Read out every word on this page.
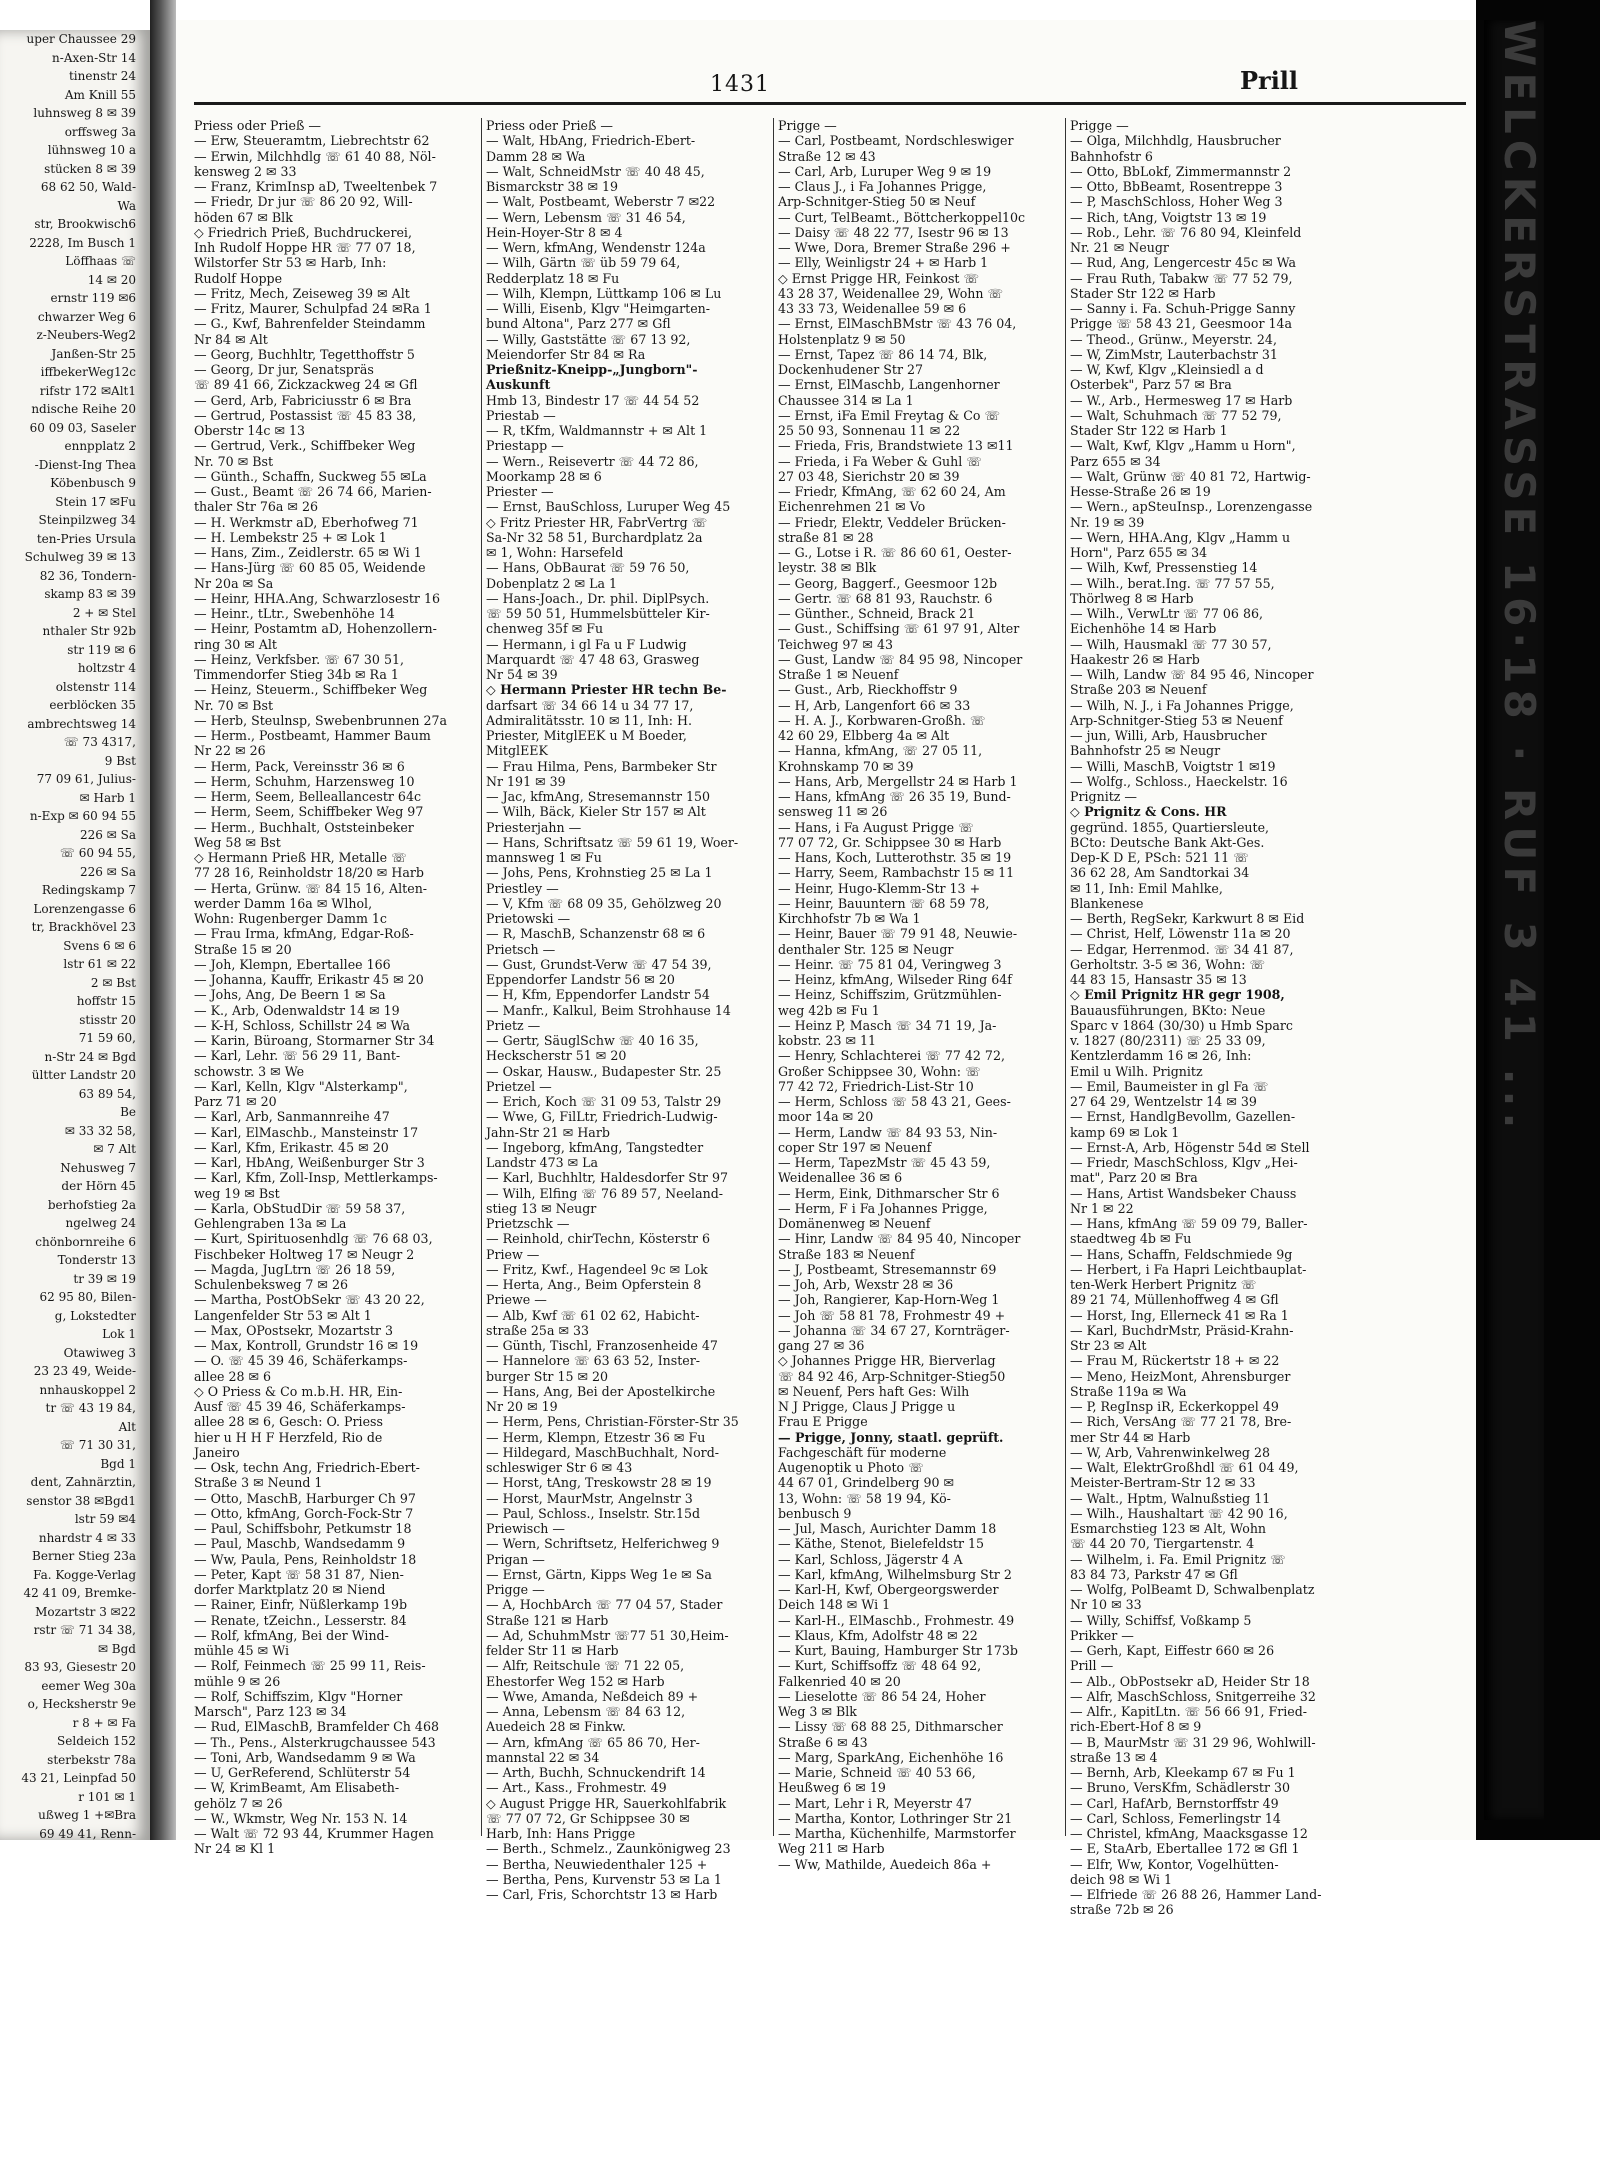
uper Chaussee 29
n-Axen-Str 14
tinenstr 24
Am Knill 55
luhnsweg 8 ✉ 39
orffsweg 3a
lühnsweg 10 a
stücken 8 ✉ 39
68 62 50, Wald-
Wa
str, Brookwisch6
2228, Im Busch 1
Löffhaas ☏
14 ✉ 20
ernstr 119 ✉6
chwarzer Weg 6
z-Neubers-Weg2
Janßen-Str 25
iffbekerWeg12c
rifstr 172 ✉Alt1
ndische Reihe 20
60 09 03, Saseler
ennpplatz 2
-Dienst-Ing Thea
Köbenbusch 9
Stein 17 ✉Fu
Steinpilzweg 34
ten-Pries Ursula
Schulweg 39 ✉ 13
82 36, Tondern-
skamp 83 ✉ 39
2 + ✉ Stel
nthaler Str 92b
str 119 ✉ 6
holtzstr 4
olstenstr 114
eerblöcken 35
ambrechtsweg 14
☏ 73 4317,
9 Bst
77 09 61, Julius-
✉ Harb 1
n-Exp ✉ 60 94 55
226 ✉ Sa
☏ 60 94 55,
226 ✉ Sa
Redingskamp 7
Lorenzengasse 6
tr, Brackhövel 23
Svens 6 ✉ 6
lstr 61 ✉ 22
2 ✉ Bst
hoffstr 15
stisstr 20
71 59 60,
n-Str 24 ✉ Bgd
ültter Landstr 20
63 89 54,
Be
✉ 33 32 58,
✉ 7 Alt
Nehusweg 7
der Hörn 45
berhofstieg 2a
ngelweg 24
chönbornreihe 6
Tonderstr 13
tr 39 ✉ 19
62 95 80, Bilen-
g, Lokstedter
Lok 1
Otawiweg 3
23 23 49, Weide-
nnhauskoppel 2
tr ☏ 43 19 84,
Alt
☏ 71 30 31,
Bgd 1
dent, Zahnärztin,
senstor 38 ✉Bgd1
lstr 59 ✉4
nhardstr 4 ✉ 33
Berner Stieg 23a
Fa. Kogge-Verlag
42 41 09, Bremke-
Mozartstr 3 ✉22
rstr ☏ 71 34 38,
✉ Bgd
83 93, Giesestr 20
eemer Weg 30a
o, Hecksherstr 9e
r 8 + ✉ Fa
Seldeich 152
sterbekstr 78a
43 21, Leinpfad 50
r 101 ✉ 1
ußweg 1 +✉Bra
69 49 41, Renn-
WELCKERSTRASSE 16·18 · RUF 3 41 ...
1431	Prill
Priess oder Prieß —
— Erw, Steueramtm, Liebrechtstr 62
— Erwin, Milchhdlg ☏ 61 40 88, Nöl-
kensweg 2 ✉ 33
— Franz, KrimInsp aD, Tweeltenbek 7
— Friedr, Dr jur ☏ 86 20 92, Will-
höden 67 ✉ Blk
◇ Friedrich Prieß, Buchdruckerei,
Inh Rudolf Hoppe HR ☏ 77 07 18,
Wilstorfer Str 53 ✉ Harb, Inh:
Rudolf Hoppe
— Fritz, Mech, Zeiseweg 39 ✉ Alt
— Fritz, Maurer, Schulpfad 24 ✉Ra 1
— G., Kwf, Bahrenfelder Steindamm
Nr 84 ✉ Alt
— Georg, Buchhltr, Tegetthoffstr 5
— Georg, Dr jur, Senatspräs
☏ 89 41 66, Zickzackweg 24 ✉ Gfl
— Gerd, Arb, Fabriciusstr 6 ✉ Bra
— Gertrud, Postassist ☏ 45 83 38,
Oberstr 14c ✉ 13
— Gertrud, Verk., Schiffbeker Weg
Nr. 70 ✉ Bst
— Günth., Schaffn, Suckweg 55 ✉La
— Gust., Beamt ☏ 26 74 66, Marien-
thaler Str 76a ✉ 26
— H. Werkmstr aD, Eberhofweg 71
— H. Lembekstr 25 + ✉ Lok 1
— Hans, Zim., Zeidlerstr. 65 ✉ Wi 1
— Hans-Jürg ☏ 60 85 05, Weidende
Nr 20a ✉ Sa
— Heinr, HHA.Ang, Schwarzlosestr 16
— Heinr., tLtr., Swebenhöhe 14
— Heinr, Postamtm aD, Hohenzollern-
ring 30 ✉ Alt
— Heinz, Verkfsber. ☏ 67 30 51,
Timmendorfer Stieg 34b ✉ Ra 1
— Heinz, Steuerm., Schiffbeker Weg
Nr. 70 ✉ Bst
— Herb, Steulnsp, Swebenbrunnen 27a
— Herm., Postbeamt, Hammer Baum
Nr 22 ✉ 26
— Herm, Pack, Vereinsstr 36 ✉ 6
— Herm, Schuhm, Harzensweg 10
— Herm, Seem, Belleallancestr 64c
— Herm, Seem, Schiffbeker Weg 97
— Herm., Buchhalt, Oststeinbeker
Weg 58 ✉ Bst
◇ Hermann Prieß HR, Metalle ☏
77 28 16, Reinholdstr 18/20 ✉ Harb
— Herta, Grünw. ☏ 84 15 16, Alten-
werder Damm 16a ✉ Wlhol,
Wohn: Rugenberger Damm 1c
— Frau Irma, kfmAng, Edgar-Roß-
Straße 15 ✉ 20
— Joh, Klempn, Ebertallee 166
— Johanna, Kauffr, Erikastr 45 ✉ 20
— Johs, Ang, De Beern 1 ✉ Sa
— K., Arb, Odenwaldstr 14 ✉ 19
— K-H, Schloss, Schillstr 24 ✉ Wa
— Karin, Büroang, Stormarner Str 34
— Karl, Lehr. ☏ 56 29 11, Bant-
schowstr. 3 ✉ We
— Karl, Kelln, Klgv "Alsterkamp",
Parz 71 ✉ 20
— Karl, Arb, Sanmannreihe 47
— Karl, ElMaschb., Mansteinstr 17
— Karl, Kfm, Erikastr. 45 ✉ 20
— Karl, HbAng, Weißenburger Str 3
— Karl, Kfm, Zoll-Insp, Mettlerkamps-
weg 19 ✉ Bst
— Karla, ObStudDir ☏ 59 58 37,
Gehlengraben 13a ✉ La
— Kurt, Spirituosenhdlg ☏ 76 68 03,
Fischbeker Holtweg 17 ✉ Neugr 2
— Magda, JugLtrn ☏ 26 18 59,
Schulenbeksweg 7 ✉ 26
— Martha, PostObSekr ☏ 43 20 22,
Langenfelder Str 53 ✉ Alt 1
— Max, OPostsekr, Mozartstr 3
— Max, Kontroll, Grundstr 16 ✉ 19
— O. ☏ 45 39 46, Schäferkamps-
allee 28 ✉ 6
◇ O Priess & Co m.b.H. HR, Ein-
Ausf ☏ 45 39 46, Schäferkamps-
allee 28 ✉ 6, Gesch: O. Priess
hier u H H F Herzfeld, Rio de
Janeiro
— Osk, techn Ang, Friedrich-Ebert-
Straße 3 ✉ Neund 1
— Otto, MaschB, Harburger Ch 97
— Otto, kfmAng, Gorch-Fock-Str 7
— Paul, Schiffsbohr, Petkumstr 18
— Paul, Maschb, Wandsedamm 9
— Ww, Paula, Pens, Reinholdstr 18
— Peter, Kapt ☏ 58 31 87, Nien-
dorfer Marktplatz 20 ✉ Niend
— Rainer, Einfr, Nüßlerkamp 19b
— Renate, tZeichn., Lesserstr. 84
— Rolf, kfmAng, Bei der Wind-
mühle 45 ✉ Wi
— Rolf, Feinmech ☏ 25 99 11, Reis-
mühle 9 ✉ 26
— Rolf, Schiffszim, Klgv "Horner
Marsch", Parz 123 ✉ 34
— Rud, ElMaschB, Bramfelder Ch 468
— Th., Pens., Alsterkrugchaussee 543
— Toni, Arb, Wandsedamm 9 ✉ Wa
— U, GerReferend, Schlüterstr 54
— W, KrimBeamt, Am Elisabeth-
gehölz 7 ✉ 26
— W., Wkmstr, Weg Nr. 153 N. 14
— Walt ☏ 72 93 44, Krummer Hagen
Nr 24 ✉ Kl 1
Priess oder Prieß —
— Walt, HbAng, Friedrich-Ebert-
Damm 28 ✉ Wa
— Walt, SchneidMstr ☏ 40 48 45,
Bismarckstr 38 ✉ 19
— Walt, Postbeamt, Weberstr 7 ✉22
— Wern, Lebensm ☏ 31 46 54,
Hein-Hoyer-Str 8 ✉ 4
— Wern, kfmAng, Wendenstr 124a
— Wilh, Gärtn ☏ üb 59 79 64,
Redderplatz 18 ✉ Fu
— Wilh, Klempn, Lüttkamp 106 ✉ Lu
— Willi, Eisenb, Klgv "Heimgarten-
bund Altona", Parz 277 ✉ Gfl
— Willy, Gaststätte ☏ 67 13 92,
Meiendorfer Str 84 ✉ Ra
Prießnitz-Kneipp-„Jungborn"-
Auskunft
Hmb 13, Bindestr 17 ☏ 44 54 52
Priestab —
— R, tKfm, Waldmannstr + ✉ Alt 1
Priestapp —
— Wern., Reisevertr ☏ 44 72 86,
Moorkamp 28 ✉ 6
Priester —
— Ernst, BauSchloss, Luruper Weg 45
◇ Fritz Priester HR, FabrVertrg ☏
Sa-Nr 32 58 51, Burchardplatz 2a
✉ 1, Wohn: Harsefeld
— Hans, ObBaurat ☏ 59 76 50,
Dobenplatz 2 ✉ La 1
— Hans-Joach., Dr. phil. DiplPsych.
☏ 59 50 51, Hummelsbütteler Kir-
chenweg 35f ✉ Fu
— Hermann, i gl Fa u F Ludwig
Marquardt ☏ 47 48 63, Grasweg
Nr 54 ✉ 39
◇ Hermann Priester HR techn Be-
darfsart ☏ 34 66 14 u 34 77 17,
Admiralitätsstr. 10 ✉ 11, Inh: H.
Priester, MitglEEK u M Boeder,
MitglEEK
— Frau Hilma, Pens, Barmbeker Str
Nr 191 ✉ 39
— Jac, kfmAng, Stresemannstr 150
— Wilh, Bäck, Kieler Str 157 ✉ Alt
Priesterjahn —
— Hans, Schriftsatz ☏ 59 61 19, Woer-
mannsweg 1 ✉ Fu
— Johs, Pens, Krohnstieg 25 ✉ La 1
Priestley —
— V, Kfm ☏ 68 09 35, Gehölzweg 20
Prietowski —
— R, MaschB, Schanzenstr 68 ✉ 6
Prietsch —
— Gust, Grundst-Verw ☏ 47 54 39,
Eppendorfer Landstr 56 ✉ 20
— H, Kfm, Eppendorfer Landstr 54
— Manfr., Kalkul, Beim Strohhause 14
Prietz —
— Gertr, SäuglSchw ☏ 40 16 35,
Heckscherstr 51 ✉ 20
— Oskar, Hausw., Budapester Str. 25
Prietzel —
— Erich, Koch ☏ 31 09 53, Talstr 29
— Wwe, G, FilLtr, Friedrich-Ludwig-
Jahn-Str 21 ✉ Harb
— Ingeborg, kfmAng, Tangstedter
Landstr 473 ✉ La
— Karl, Buchhltr, Haldesdorfer Str 97
— Wilh, Elfing ☏ 76 89 57, Neeland-
stieg 13 ✉ Neugr
Prietzschk —
— Reinhold, chirTechn, Kösterstr 6
Priew —
— Fritz, Kwf., Hagendeel 9c ✉ Lok
— Herta, Ang., Beim Opferstein 8
Priewe —
— Alb, Kwf ☏ 61 02 62, Habicht-
straße 25a ✉ 33
— Günth, Tischl, Franzosenheide 47
— Hannelore ☏ 63 63 52, Inster-
burger Str 15 ✉ 20
— Hans, Ang, Bei der Apostelkirche
Nr 20 ✉ 19
— Herm, Pens, Christian-Förster-Str 35
— Herm, Klempn, Etzestr 36 ✉ Fu
— Hildegard, MaschBuchhalt, Nord-
schleswiger Str 6 ✉ 43
— Horst, tAng, Treskowstr 28 ✉ 19
— Horst, MaurMstr, Angelnstr 3
— Paul, Schloss., Inselstr. Str.15d
Priewisch —
— Wern, Schriftsetz, Helferichweg 9
Prigan —
— Ernst, Gärtn, Kipps Weg 1e ✉ Sa
Prigge —
— A, HochbArch ☏ 77 04 57, Stader
Straße 121 ✉ Harb
— Ad, SchuhmMstr ☏77 51 30,Heim-
felder Str 11 ✉ Harb
— Alfr, Reitschule ☏ 71 22 05,
Ehestorfer Weg 152 ✉ Harb
— Wwe, Amanda, Neßdeich 89 +
— Anna, Lebensm ☏ 84 63 12,
Auedeich 28 ✉ Finkw.
— Arn, kfmAng ☏ 65 86 70, Her-
mannstal 22 ✉ 34
— Arth, Buchh, Schnuckendrift 14
— Art., Kass., Frohmestr. 49
◇ August Prigge HR, Sauerkohlfabrik
☏ 77 07 72, Gr Schippsee 30 ✉
Harb, Inh: Hans Prigge
— Berth., Schmelz., Zaunkönigweg 23
— Bertha, Neuwiedenthaler 125 +
— Bertha, Pens, Kurvenstr 53 ✉ La 1
— Carl, Fris, Schorchtstr 13 ✉ Harb
Prigge —
— Carl, Postbeamt, Nordschleswiger
Straße 12 ✉ 43
— Carl, Arb, Luruper Weg 9 ✉ 19
— Claus J., i Fa Johannes Prigge,
Arp-Schnitger-Stieg 50 ✉ Neuf
— Curt, TelBeamt., Böttcherkoppel10c
— Daisy ☏ 48 22 77, Isestr 96 ✉ 13
— Wwe, Dora, Bremer Straße 296 +
— Elly, Weinligstr 24 + ✉ Harb 1
◇ Ernst Prigge HR, Feinkost ☏
43 28 37, Weidenallee 29, Wohn ☏
43 33 73, Weidenallee 59 ✉ 6
— Ernst, ElMaschBMstr ☏ 43 76 04,
Holstenplatz 9 ✉ 50
— Ernst, Tapez ☏ 86 14 74, Blk,
Dockenhudener Str 27
— Ernst, ElMaschb, Langenhorner
Chaussee 314 ✉ La 1
— Ernst, iFa Emil Freytag & Co ☏
25 50 93, Sonnenau 11 ✉ 22
— Frieda, Fris, Brandstwiete 13 ✉11
— Frieda, i Fa Weber & Guhl ☏
27 03 48, Sierichstr 20 ✉ 39
— Friedr, KfmAng, ☏ 62 60 24, Am
Eichenrehmen 21 ✉ Vo
— Friedr, Elektr, Veddeler Brücken-
straße 81 ✉ 28
— G., Lotse i R. ☏ 86 60 61, Oester-
leystr. 38 ✉ Blk
— Georg, Baggerf., Geesmoor 12b
— Gertr. ☏ 68 81 93, Rauchstr. 6
— Günther., Schneid, Brack 21
— Gust., Schiffsing ☏ 61 97 91, Alter
Teichweg 97 ✉ 43
— Gust, Landw ☏ 84 95 98, Nincoper
Straße 1 ✉ Neuenf
— Gust., Arb, Rieckhoffstr 9
— H, Arb, Langenfort 66 ✉ 33
— H. A. J., Korbwaren-Großh. ☏
42 60 29, Elbberg 4a ✉ Alt
— Hanna, kfmAng, ☏ 27 05 11,
Krohnskamp 70 ✉ 39
— Hans, Arb, Mergellstr 24 ✉ Harb 1
— Hans, kfmAng ☏ 26 35 19, Bund-
sensweg 11 ✉ 26
— Hans, i Fa August Prigge ☏
77 07 72, Gr. Schippsee 30 ✉ Harb
— Hans, Koch, Lutterothstr. 35 ✉ 19
— Harry, Seem, Rambachstr 15 ✉ 11
— Heinr, Hugo-Klemm-Str 13 +
— Heinr, Bauuntern ☏ 68 59 78,
Kirchhofstr 7b ✉ Wa 1
— Heinr, Bauer ☏ 79 91 48, Neuwie-
denthaler Str. 125 ✉ Neugr
— Heinr. ☏ 75 81 04, Veringweg 3
— Heinz, kfmAng, Wilseder Ring 64f
— Heinz, Schiffszim, Grützmühlen-
weg 42b ✉ Fu 1
— Heinz P, Masch ☏ 34 71 19, Ja-
kobstr. 23 ✉ 11
— Henry, Schlachterei ☏ 77 42 72,
Großer Schippsee 30, Wohn: ☏
77 42 72, Friedrich-List-Str 10
— Herm, Schloss ☏ 58 43 21, Gees-
moor 14a ✉ 20
— Herm, Landw ☏ 84 93 53, Nin-
coper Str 197 ✉ Neuenf
— Herm, TapezMstr ☏ 45 43 59,
Weidenallee 36 ✉ 6
— Herm, Eink, Dithmarscher Str 6
— Herm, F i Fa Johannes Prigge,
Domänenweg ✉ Neuenf
— Hinr, Landw ☏ 84 95 40, Nincoper
Straße 183 ✉ Neuenf
— J, Postbeamt, Stresemannstr 69
— Joh, Arb, Wexstr 28 ✉ 36
— Joh, Rangierer, Kap-Horn-Weg 1
— Joh ☏ 58 81 78, Frohmestr 49 +
— Johanna ☏ 34 67 27, Kornträger-
gang 27 ✉ 36
◇ Johannes Prigge HR, Bierverlag
☏ 84 92 46, Arp-Schnitger-Stieg50
✉ Neuenf, Pers haft Ges: Wilh
N J Prigge, Claus J Prigge u
Frau E Prigge
— Prigge, Jonny, staatl. geprüft.
Fachgeschäft für moderne
Augenoptik u Photo ☏
44 67 01, Grindelberg 90 ✉
13, Wohn: ☏ 58 19 94, Kö-
benbusch 9
— Jul, Masch, Aurichter Damm 18
— Käthe, Stenot, Bielefeldstr 15
— Karl, Schloss, Jägerstr 4 A
— Karl, kfmAng, Wilhelmsburg Str 2
— Karl-H, Kwf, Obergeorgswerder
Deich 148 ✉ Wi 1
— Karl-H., ElMaschb., Frohmestr. 49
— Klaus, Kfm, Adolfstr 48 ✉ 22
— Kurt, Bauing, Hamburger Str 173b
— Kurt, Schiffsoffz ☏ 48 64 92,
Falkenried 40 ✉ 20
— Lieselotte ☏ 86 54 24, Hoher
Weg 3 ✉ Blk
— Lissy ☏ 68 88 25, Dithmarscher
Straße 6 ✉ 43
— Marg, SparkAng, Eichenhöhe 16
— Marie, Schneid ☏ 40 53 66,
Heußweg 6 ✉ 19
— Mart, Lehr i R, Meyerstr 47
— Martha, Kontor, Lothringer Str 21
— Martha, Küchenhilfe, Marmstorfer
Weg 211 ✉ Harb
— Ww, Mathilde, Auedeich 86a +
Prigge —
— Olga, Milchhdlg, Hausbrucher
Bahnhofstr 6
— Otto, BbLokf, Zimmermannstr 2
— Otto, BbBeamt, Rosentreppe 3
— P, MaschSchloss, Hoher Weg 3
— Rich, tAng, Voigtstr 13 ✉ 19
— Rob., Lehr. ☏ 76 80 94, Kleinfeld
Nr. 21 ✉ Neugr
— Rud, Ang, Lengercestr 45c ✉ Wa
— Frau Ruth, Tabakw ☏ 77 52 79,
Stader Str 122 ✉ Harb
— Sanny i. Fa. Schuh-Prigge Sanny
Prigge ☏ 58 43 21, Geesmoor 14a
— Theod., Grünw., Meyerstr. 24,
— W, ZimMstr, Lauterbachstr 31
— W, Kwf, Klgv „Kleinsiedl a d
Osterbek", Parz 57 ✉ Bra
— W., Arb., Hermesweg 17 ✉ Harb
— Walt, Schuhmach ☏ 77 52 79,
Stader Str 122 ✉ Harb 1
— Walt, Kwf, Klgv „Hamm u Horn",
Parz 655 ✉ 34
— Walt, Grünw ☏ 40 81 72, Hartwig-
Hesse-Straße 26 ✉ 19
— Wern., apSteuInsp., Lorenzengasse
Nr. 19 ✉ 39
— Wern, HHA.Ang, Klgv „Hamm u
Horn", Parz 655 ✉ 34
— Wilh, Kwf, Pressenstieg 14
— Wilh., berat.Ing. ☏ 77 57 55,
Thörlweg 8 ✉ Harb
— Wilh., VerwLtr ☏ 77 06 86,
Eichenhöhe 14 ✉ Harb
— Wilh, Hausmakl ☏ 77 30 57,
Haakestr 26 ✉ Harb
— Wilh, Landw ☏ 84 95 46, Nincoper
Straße 203 ✉ Neuenf
— Wilh, N. J., i Fa Johannes Prigge,
Arp-Schnitger-Stieg 53 ✉ Neuenf
— jun, Willi, Arb, Hausbrucher
Bahnhofstr 25 ✉ Neugr
— Willi, MaschB, Voigtstr 1 ✉19
— Wolfg., Schloss., Haeckelstr. 16
Prignitz —
◇ Prignitz & Cons. HR
gegründ. 1855, Quartiersleute,
BCto: Deutsche Bank Akt-Ges.
Dep-K D E, PSch: 521 11 ☏
36 62 28, Am Sandtorkai 34
✉ 11, Inh: Emil Mahlke,
Blankenese
— Berth, RegSekr, Karkwurt 8 ✉ Eid
— Christ, Helf, Löwenstr 11a ✉ 20
— Edgar, Herrenmod. ☏ 34 41 87,
Gerholtstr. 3-5 ✉ 36, Wohn: ☏
44 83 15, Hansastr 35 ✉ 13
◇ Emil Prignitz HR gegr 1908,
Bauausführungen, BKto: Neue
Sparc v 1864 (30/30) u Hmb Sparc
v. 1827 (80/2311) ☏ 25 33 09,
Kentzlerdamm 16 ✉ 26, Inh:
Emil u Wilh. Prignitz
— Emil, Baumeister in gl Fa ☏
27 64 29, Wentzelstr 14 ✉ 39
— Ernst, HandlgBevollm, Gazellen-
kamp 69 ✉ Lok 1
— Ernst-A, Arb, Högenstr 54d ✉ Stell
— Friedr, MaschSchloss, Klgv „Hei-
mat", Parz 20 ✉ Bra
— Hans, Artist Wandsbeker Chauss
Nr 1 ✉ 22
— Hans, kfmAng ☏ 59 09 79, Baller-
staedtweg 4b ✉ Fu
— Hans, Schaffn, Feldschmiede 9g
— Herbert, i Fa Hapri Leichtbauplat-
ten-Werk Herbert Prignitz ☏
89 21 74, Müllenhoffweg 4 ✉ Gfl
— Horst, Ing, Ellerneck 41 ✉ Ra 1
— Karl, BuchdrMstr, Präsid-Krahn-
Str 23 ✉ Alt
— Frau M, Rückertstr 18 + ✉ 22
— Meno, HeizMont, Ahrensburger
Straße 119a ✉ Wa
— P, RegInsp iR, Eckerkoppel 49
— Rich, VersAng ☏ 77 21 78, Bre-
mer Str 44 ✉ Harb
— W, Arb, Vahrenwinkelweg 28
— Walt, ElektrGroßhdl ☏ 61 04 49,
Meister-Bertram-Str 12 ✉ 33
— Walt., Hptm, Walnußstieg 11
— Wilh., Haushaltart ☏ 42 90 16,
Esmarchstieg 123 ✉ Alt, Wohn
☏ 44 20 70, Tiergartenstr. 4
— Wilhelm, i. Fa. Emil Prignitz ☏
83 84 73, Parkstr 47 ✉ Gfl
— Wolfg, PolBeamt D, Schwalbenplatz
Nr 10 ✉ 33
— Willy, Schiffsf, Voßkamp 5
Prikker —
— Gerh, Kapt, Eiffestr 660 ✉ 26
Prill —
— Alb., ObPostsekr aD, Heider Str 18
— Alfr, MaschSchloss, Snitgerreihe 32
— Alfr., KapitLtn. ☏ 56 66 91, Fried-
rich-Ebert-Hof 8 ✉ 9
— B, MaurMstr ☏ 31 29 96, Wohlwill-
straße 13 ✉ 4
— Bernh, Arb, Kleekamp 67 ✉ Fu 1
— Bruno, VersKfm, Schädlerstr 30
— Carl, HafArb, Bernstorffstr 49
— Carl, Schloss, Femerlingstr 14
— Christel, kfmAng, Maacksgasse 12
— E, StaArb, Ebertallee 172 ✉ Gfl 1
— Elfr, Ww, Kontor, Vogelhütten-
deich 98 ✉ Wi 1
— Elfriede ☏ 26 88 26, Hammer Land-
straße 72b ✉ 26
